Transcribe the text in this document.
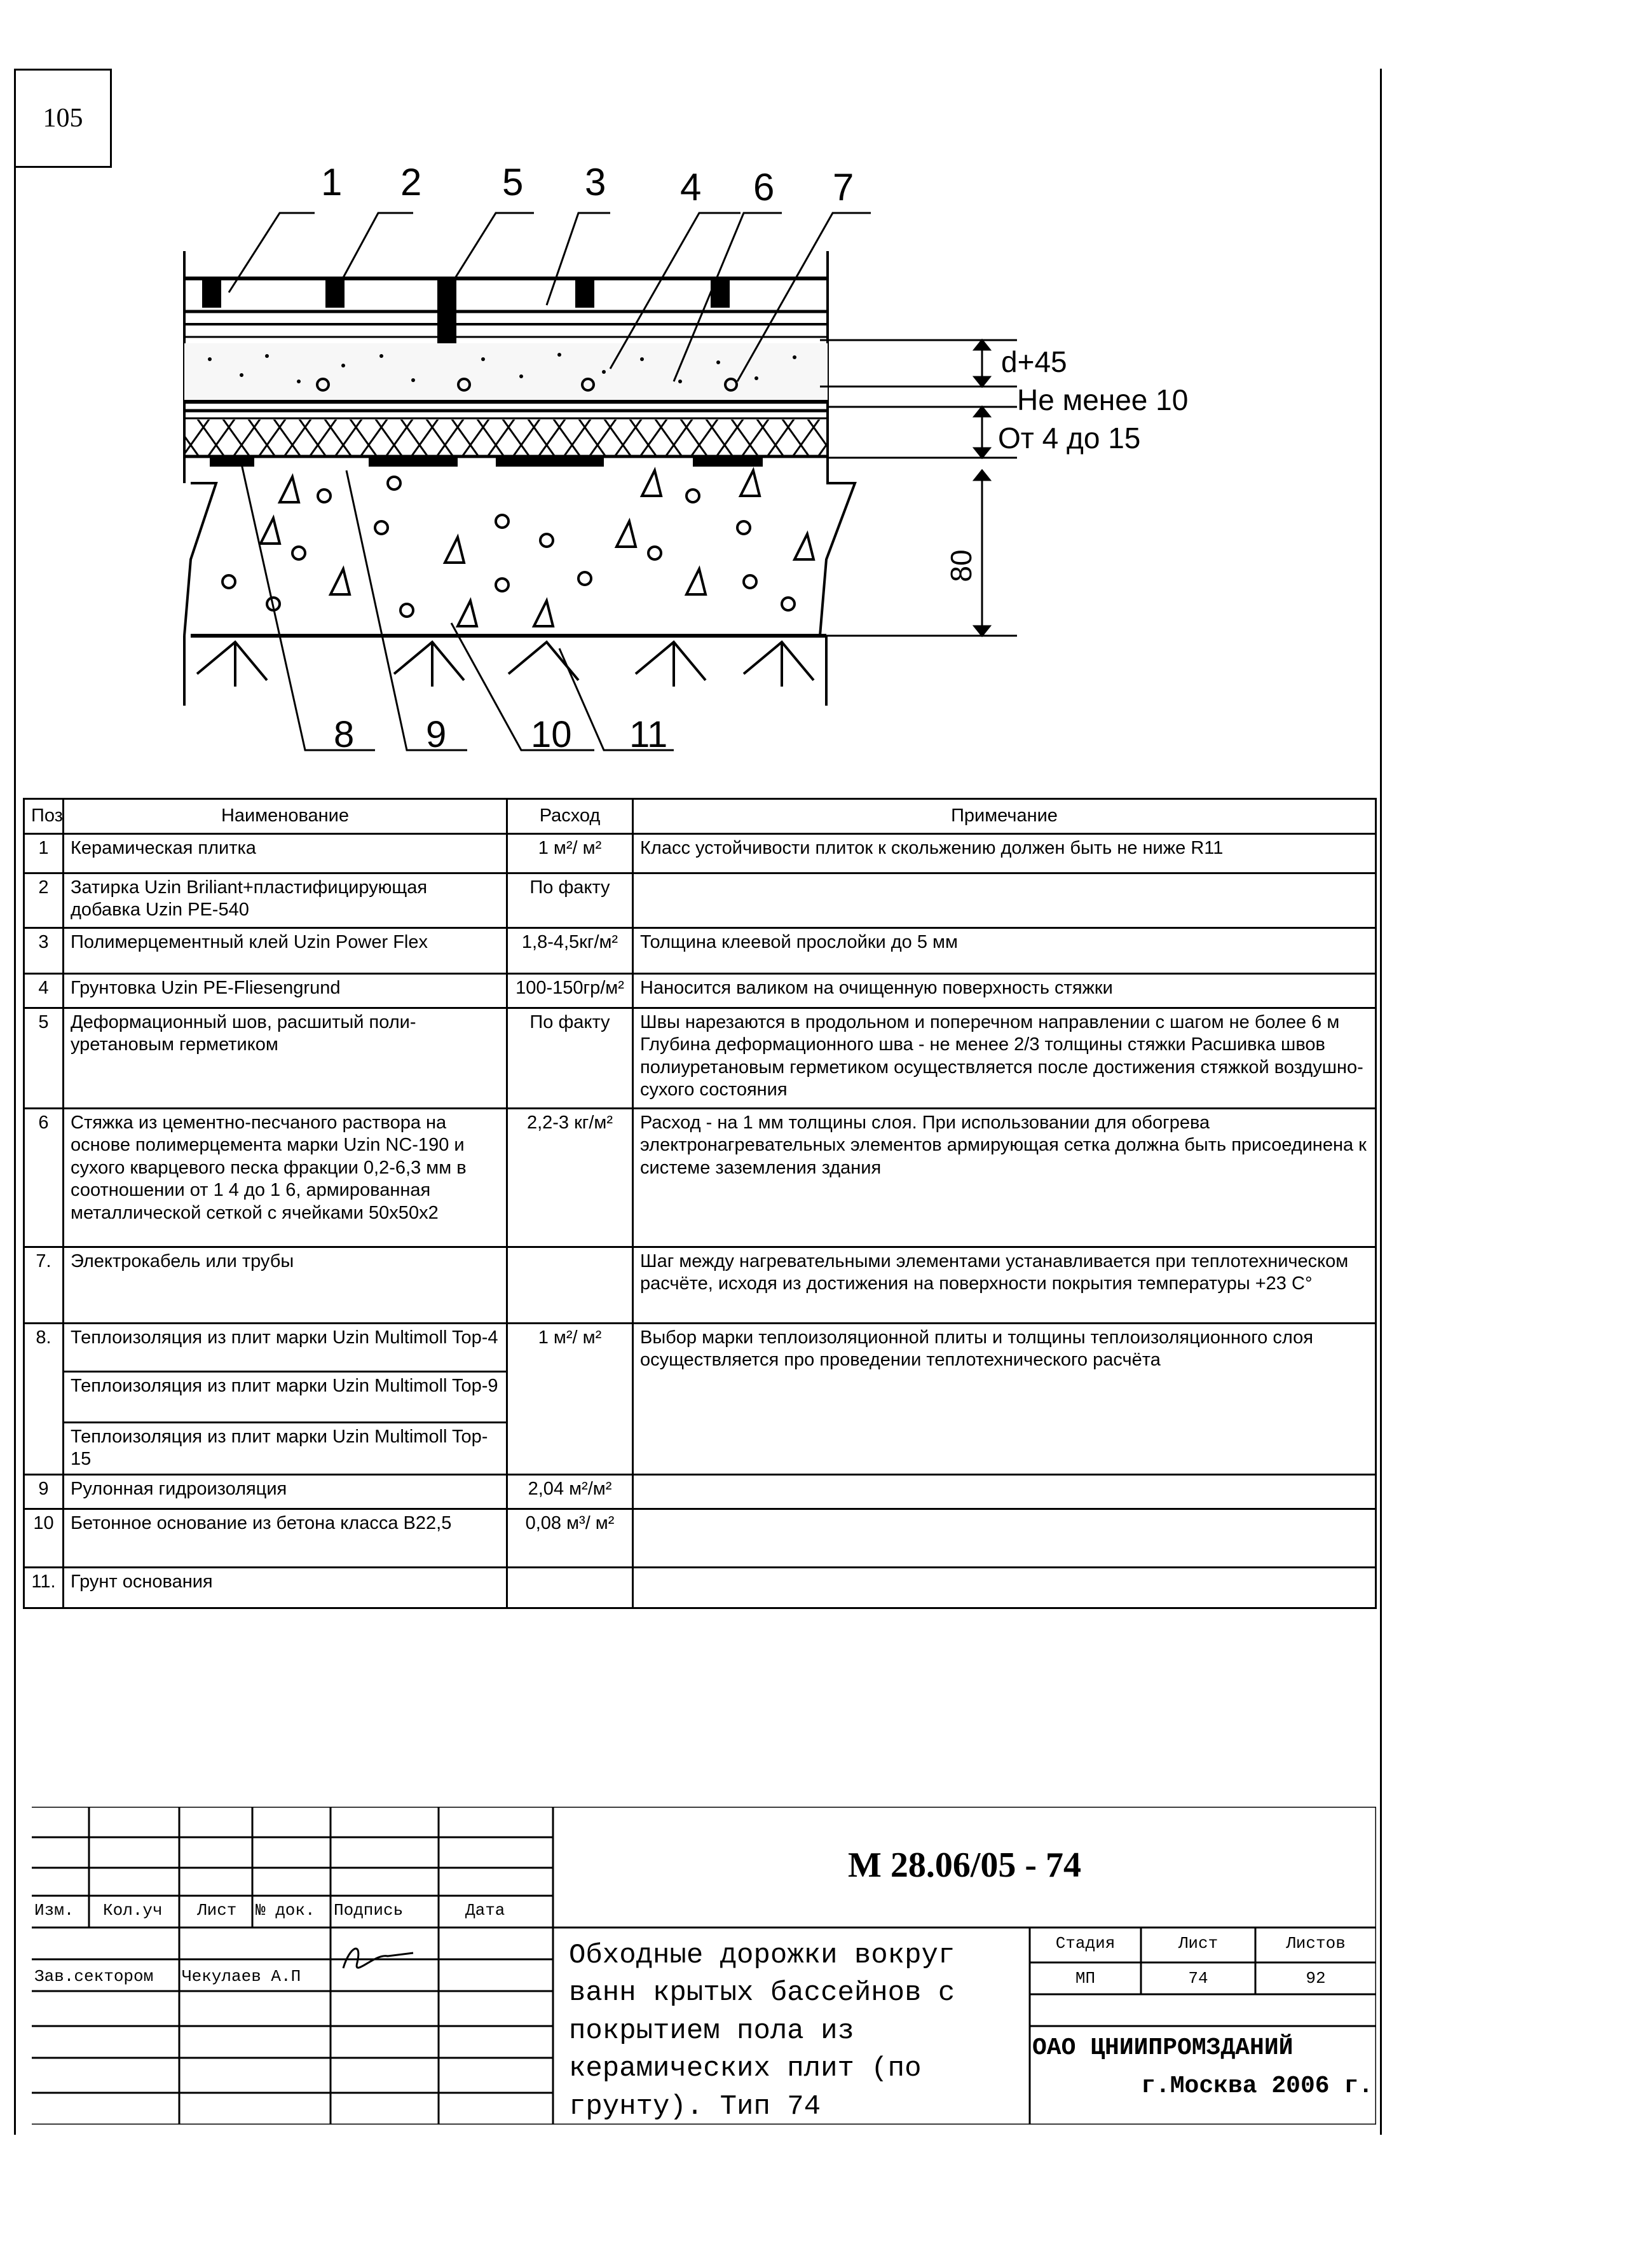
105
1 2 5 3 4 6 7
8 9 10 11
d+45
Не менее 10
От 4 до 15
80
Поз	Наименование	Расход	Примечание
1	Керамическая плитка	1 м²/ м²	Класс устойчивости плиток к скольжению должен быть не ниже R11
2	Затирка Uzin Briliant+пластифицирующая добавка Uzin PE-540	По факту	
3	Полимерцементный клей Uzin Power Flex	1,8-4,5кг/м²	Толщина клеевой прослойки до 5 мм
4	Грунтовка Uzin PE-Fliesengrund	100-150гр/м²	Наносится валиком на очищенную поверхность стяжки
5	Деформационный шов, расшитый поли-уретановым герметиком	По факту	Швы нарезаются в продольном и поперечном направлении с шагом не более 6 м Глубина деформационного шва - не менее 2/3 толщины стяжки Расшивка швов полиуретановым герметиком осуществляется после достижения стяжкой воздушно-сухого состояния
6	Стяжка из цементно-песчаного раствора на основе полимерцемента марки Uzin NC-190 и сухого кварцевого песка фракции 0,2-6,3 мм в соотношении от 1 4 до 1 6, армированная металлической сеткой с ячейками 50х50х2	2,2-3 кг/м²	Расход - на 1 мм толщины слоя. При использовании для обогрева электронагревательных элементов армирующая сетка должна быть присоединена к системе заземления здания
7.	Электрокабель или трубы		Шаг между нагревательными элементами устанавливается при теплотехническом расчёте, исходя из достижения на поверхности покрытия температуры +23 С°
8.	Теплоизоляция из плит марки Uzin Multimoll Top-4	1 м²/ м²	Выбор марки теплоизоляционной плиты и толщины теплоизоляционного слоя осуществляется про проведении теплотехнического расчёта
	Теплоизоляция из плит марки Uzin Multimoll Top-9		
	Теплоизоляция из плит марки Uzin Multimoll Top-15		
9	Рулонная гидроизоляция	2,04 м²/м²	
10	Бетонное основание из бетона класса B22,5	0,08 м³/ м²	
11.	Грунт основания		
Изм. Кол.уч Лист № док. Подпись	Дата
Зав.сектором Чекулаев А.П
М 28.06/05 - 74
Обходные дорожки вокруг ванн крытых бассейнов с покрытием пола из керамических плит (по грунту). Тип 74
Стадия	Лист	Листов
МП	74	92
ОАО ЦНИИПРОМЗДАНИЙ
г.Москва 2006 г.
